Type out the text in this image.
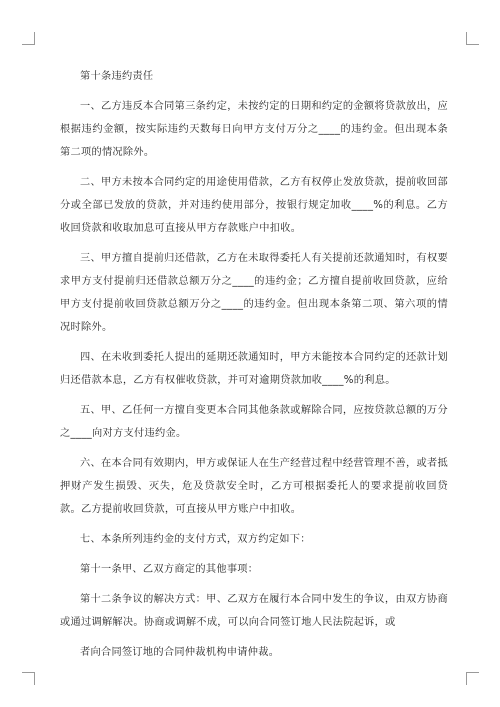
第十条违约责任

一、乙方违反本合同第三条约定，未按约定的日期和约定的金额将贷款放出，应根据违约金额，按实际违约天数每日向甲方支付万分之____的违约金。但出现本条第二项的情况除外。

二、甲方未按本合同约定的用途使用借款，乙方有权停止发放贷款，提前收回部分或全部已发放的贷款，并对违约使用部分，按银行规定加收____%的利息。乙方收回贷款和收取加息可直接从甲方存款账户中扣收。

三、甲方擅自提前归还借款，乙方在未取得委托人有关提前还款通知时，有权要求甲方支付提前归还借款总额万分之____的违约金；乙方擅自提前收回贷款，应给甲方支付提前收回贷款总额万分之____的违约金。但出现本条第二项、第六项的情况时除外。

四、在未收到委托人提出的延期还款通知时，甲方未能按本合同约定的还款计划归还借款本息，乙方有权催收贷款，并可对逾期贷款加收____%的利息。

五、甲、乙任何一方擅自变更本合同其他条款或解除合同，应按贷款总额的万分之____向对方支付违约金。

六、在本合同有效期内，甲方或保证人在生产经营过程中经营管理不善，或者抵押财产发生损毁、灭失，危及贷款安全时，乙方可根据委托人的要求提前收回贷款。乙方提前收回贷款，可直接从甲方账户中扣收。

七、本条所列违约金的支付方式，双方约定如下：

第十一条甲、乙双方商定的其他事项：

第十二条争议的解决方式：甲、乙双方在履行本合同中发生的争议，由双方协商或通过调解解决。协商或调解不成，可以向合同签订地人民法院起诉，或

者向合同签订地的合同仲裁机构申请仲裁。
